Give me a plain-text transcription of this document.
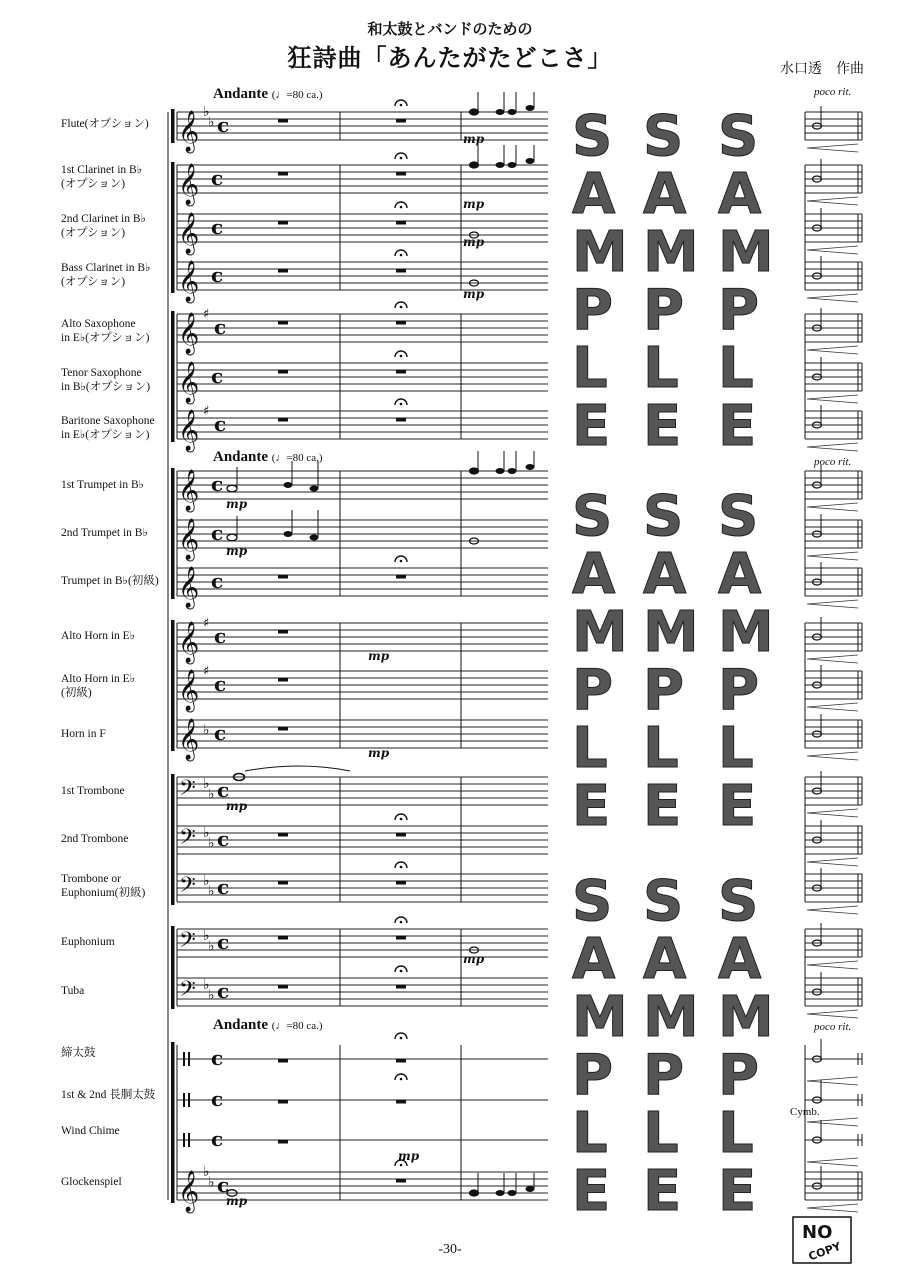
𝄞 ♭
♭ c
𝄞 c
𝄞 c
𝄞 c
𝄞 ♯
c
𝄞 c
𝄞 ♯
c
𝄞 c
𝄞 c
𝄞 c
𝄞 ♯
c
𝄞 ♯
c
𝄞 ♭ c
𝄢 ♭
♭ c
𝄢 ♭
♭ c
𝄢 ♭
♭ c
𝄢 ♭
♭ c
𝄢 ♭
♭ c
c
c
c
𝄞 ♭
♭ c
mp
mp
mp
mp
mp
mp
mp
mp
mp
mp
mp
mp
S
A
M
P
L
E
S
A
M
P
L
E
S
A
M
P
L
E
S
A
M
P
L
E
S
A
M
P
L
E
S
A
M
P
L
E
S
A
M
P
L
E
S
A
M
P
L
E
S
A
M
P
L
E
和太鼓とバンドのための
狂詩曲「あんたがたどこさ」	水口透　作曲
Andante (♩=80 ca.)
Andante (♩=80 ca.)
Andante (♩=80 ca.)
poco rit.
poco rit.
poco rit.
Cymb.
Flute(オプション)
1st Clarinet in B♭
(オプション)
2nd Clarinet in B♭
(オプション)
Bass Clarinet in B♭
(オプション)
Alto Saxophone
in E♭(オプション)
Tenor Saxophone
in B♭(オプション)
Baritone Saxophone
in E♭(オプション)
1st Trumpet in B♭
2nd Trumpet in B♭
Trumpet in B♭(初級)
Alto Horn in E♭
Alto Horn in E♭
(初級)
Horn in F
1st Trombone
2nd Trombone
Trombone or
Euphonium(初級)
Euphonium
Tuba
締太鼓
1st & 2nd 長胴太鼓
Wind Chime
Glockenspiel
-30-
NO
COPY
